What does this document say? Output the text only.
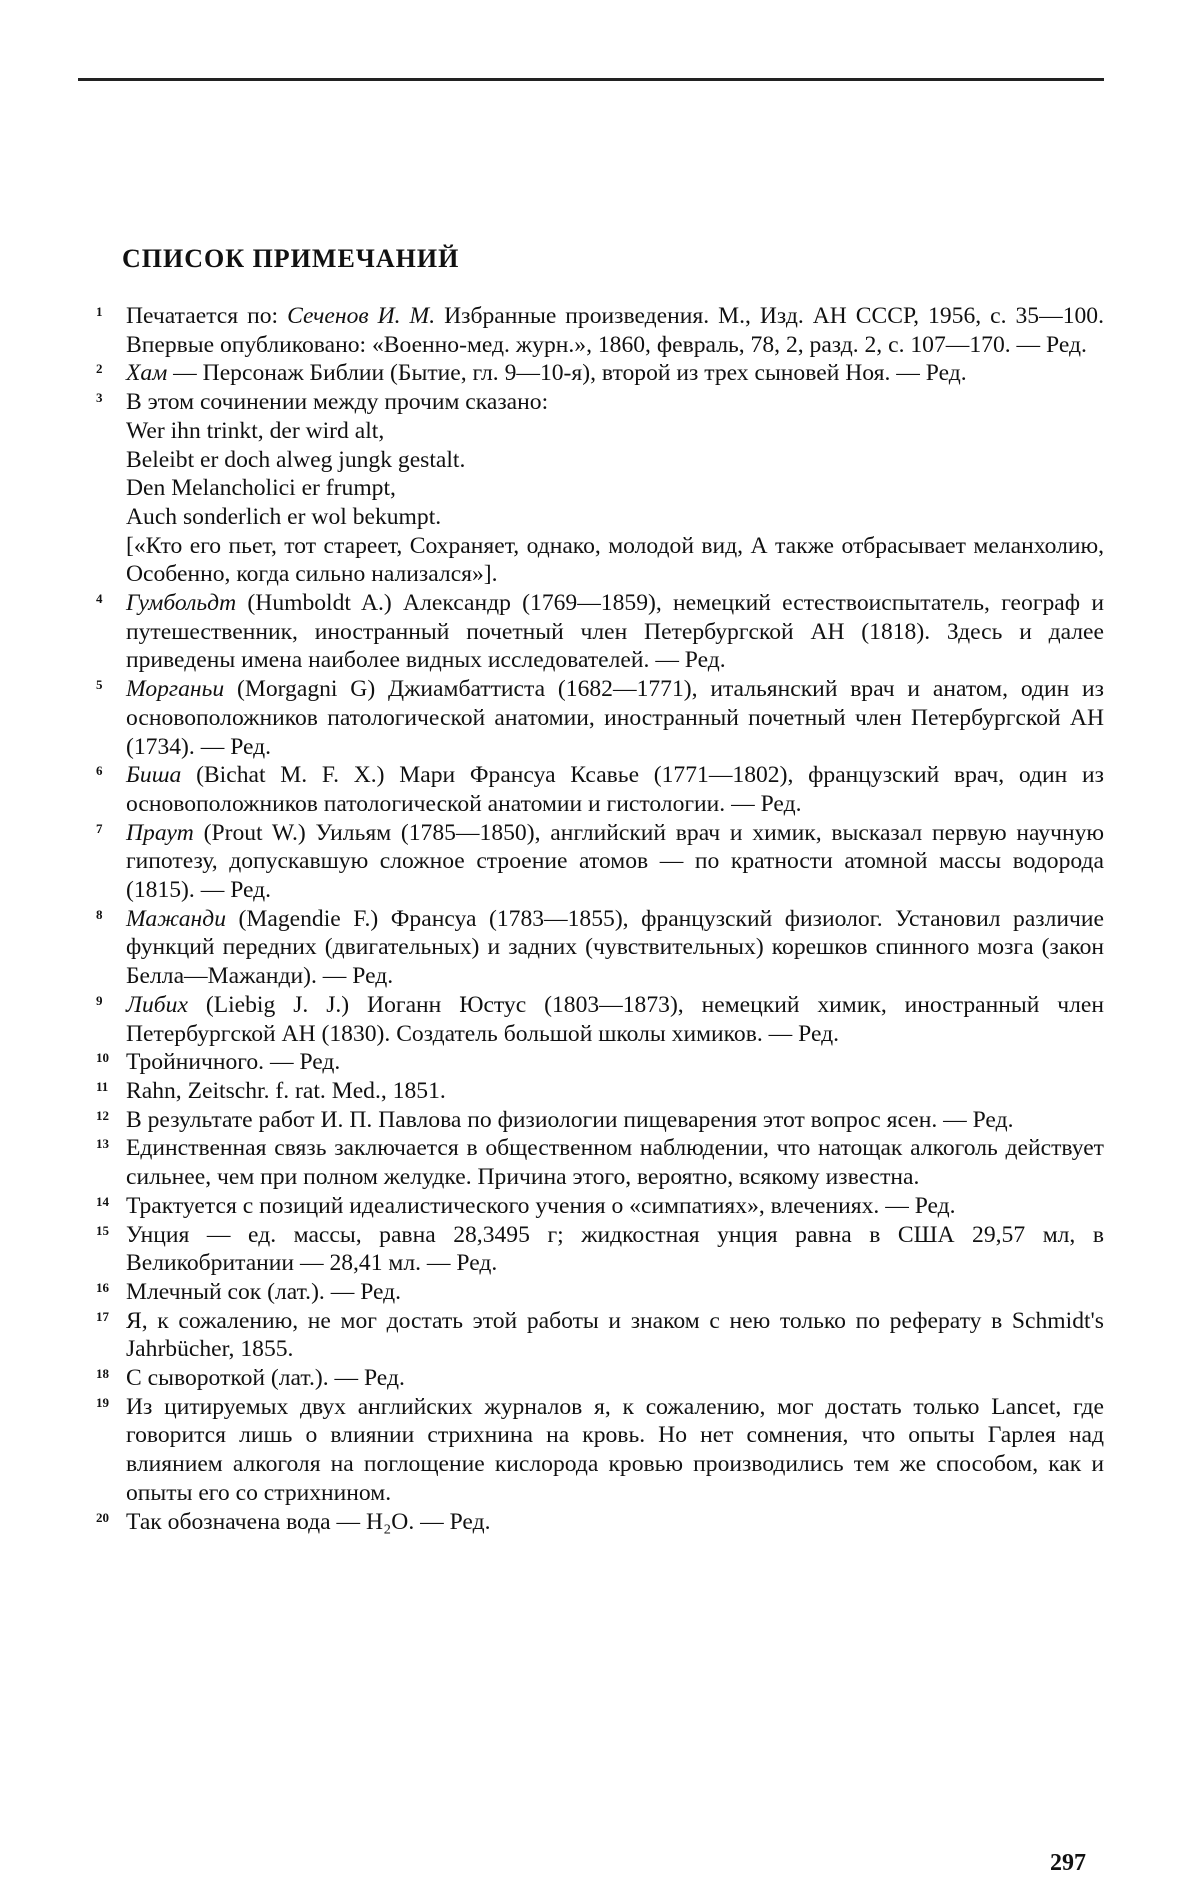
СПИСОК ПРИМЕЧАНИЙ
1 Печатается по: Сеченов И. М. Избранные произведения. М., Изд. АН СССР, 1956, с. 35—100. Впервые опубликовано: «Военно-мед. журн.», 1860, февраль, 78, 2, разд. 2, с. 107—170. — Ред.
2 Хам — Персонаж Библии (Бытие, гл. 9—10-я), второй из трех сыновей Ноя. — Ред.
3 В этом сочинении между прочим сказано:
Wer ihn trinkt, der wird alt,
Beleibt er doch alweg jungk gestalt.
Den Melancholici er frumpt,
Auch sonderlich er wol bekumpt.
[«Кто его пьет, тот стареет, Сохраняет, однако, молодой вид, А также отбрасывает меланхолию, Особенно, когда сильно нализался»].
4 Гумбольдт (Humboldt A.) Александр (1769—1859), немецкий естествоиспытатель, географ и путешественник, иностранный почетный член Петербургской АН (1818). Здесь и далее приведены имена наиболее видных исследователей. — Ред.
5 Морганьи (Morgagni G) Джиамбаттиста (1682—1771), итальянский врач и анатом, один из основоположников патологической анатомии, иностранный почетный член Петербургской АН (1734). — Ред.
6 Биша (Bichat M. F. X.) Мари Франсуа Ксавье (1771—1802), французский врач, один из основоположников патологической анатомии и гистологии. — Ред.
7 Праут (Prout W.) Уильям (1785—1850), английский врач и химик, высказал первую научную гипотезу, допускавшую сложное строение атомов — по кратности атомной массы водорода (1815). — Ред.
8 Мажанди (Magendie F.) Франсуа (1783—1855), французский физиолог. Установил различие функций передних (двигательных) и задних (чувствительных) корешков спинного мозга (закон Белла—Мажанди). — Ред.
9 Либих (Liebig J. J.) Иоганн Юстус (1803—1873), немецкий химик, иностранный член Петербургской АН (1830). Создатель большой школы химиков. — Ред.
10 Тройничного. — Ред.
11 Rahn, Zeitschr. f. rat. Med., 1851.
12 В результате работ И. П. Павлова по физиологии пищеварения этот вопрос ясен. — Ред.
13 Единственная связь заключается в общественном наблюдении, что натощак алкоголь действует сильнее, чем при полном желудке. Причина этого, вероятно, всякому известна.
14 Трактуется с позиций идеалистического учения о «симпатиях», влечениях. — Ред.
15 Унция — ед. массы, равна 28,3495 г; жидкостная унция равна в США 29,57 мл, в Великобритании — 28,41 мл. — Ред.
16 Млечный сок (лат.). — Ред.
17 Я, к сожалению, не мог достать этой работы и знаком с нею только по реферату в Schmidt's Jahrbücher, 1855.
18 С сывороткой (лат.). — Ред.
19 Из цитируемых двух английских журналов я, к сожалению, мог достать только Lancet, где говорится лишь о влиянии стрихнина на кровь. Но нет сомнения, что опыты Гарлея над влиянием алкоголя на поглощение кислорода кровью производились тем же способом, как и опыты его со стрихнином.
20 Так обозначена вода — H₂O. — Ред.
297
